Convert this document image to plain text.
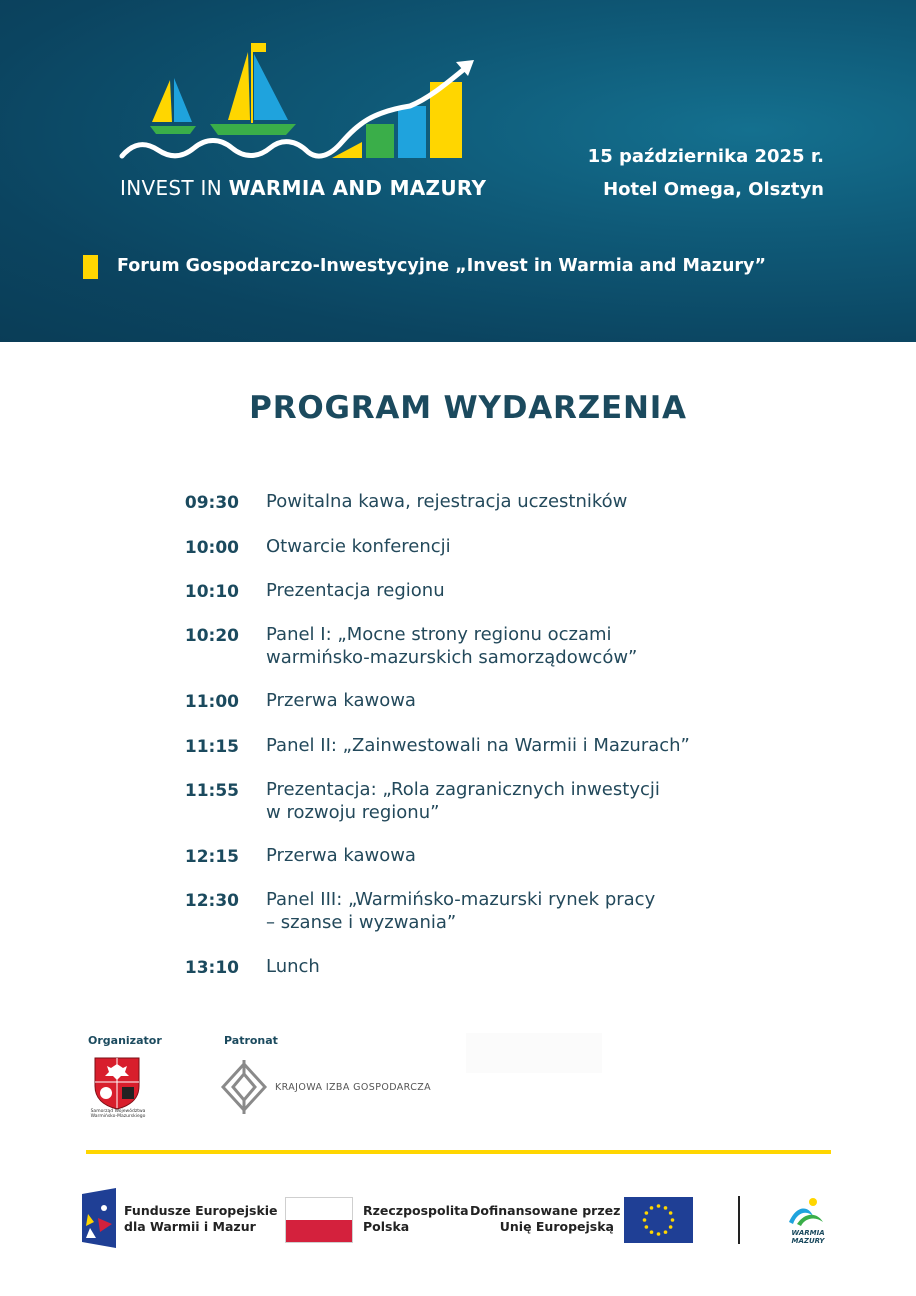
INVEST IN WARMIA AND MAZURY
15 października 2025 r.
Hotel Omega, Olsztyn
Forum Gospodarczo-Inwestycyjne „Invest in Warmia and Mazury”
PROGRAM WYDARZENIA
09:30 Powitalna kawa, rejestracja uczestników
10:00 Otwarcie konferencji
10:10 Prezentacja regionu
10:20 Panel I: „Mocne strony regionu oczami
warmińsko-mazurskich samorządowców”
11:00 Przerwa kawowa
11:15 Panel II: „Zainwestowali na Warmii i Mazurach”
11:55 Prezentacja: „Rola zagranicznych inwestycji
w rozwoju regionu”
12:15 Przerwa kawowa
12:30 Panel III: „Warmińsko-mazurski rynek pracy
– szanse i wyzwania”
13:10 Lunch
Organizator
Samorząd Województwa Warmińsko-Mazurskiego
Patronat
KRAJOWA IZBA GOSPODARCZA
Fundusze Europejskie
dla Warmii i Mazur
Rzeczpospolita
Polska
Dofinansowane przez
Unię Europejską	WARMIA
MAZURY
